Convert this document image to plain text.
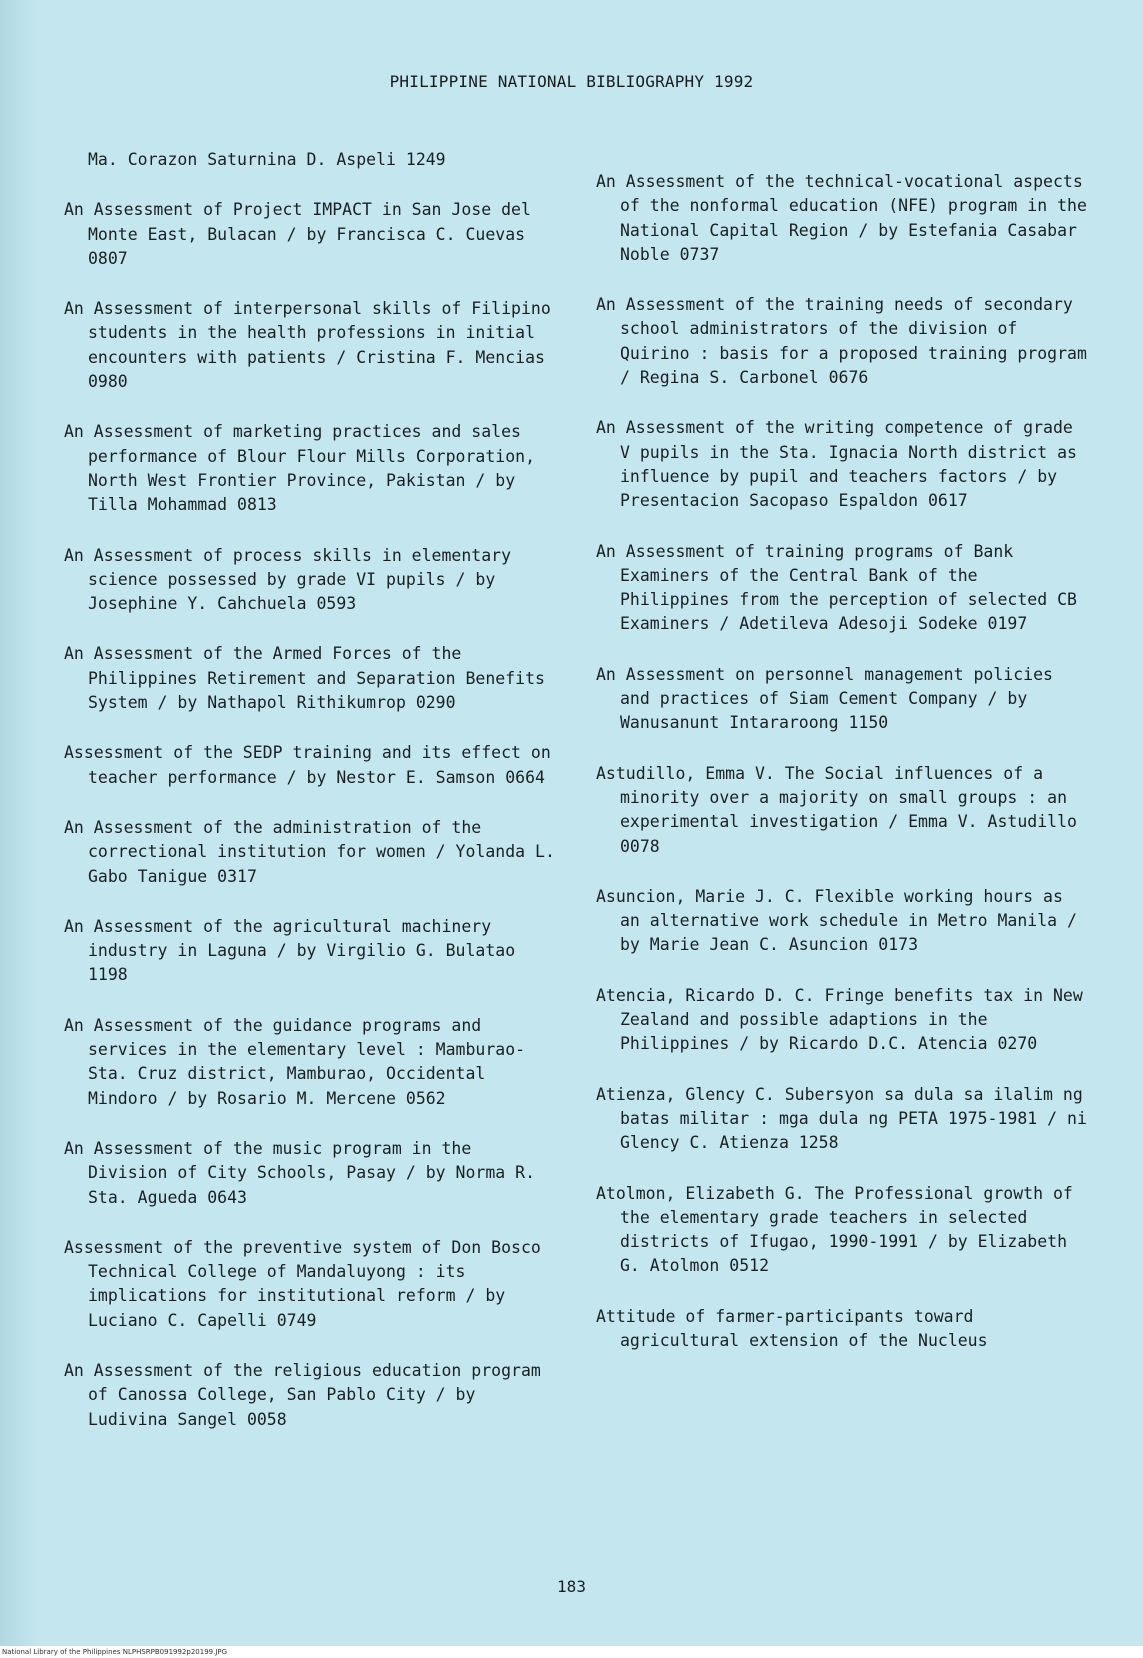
PHILIPPINE NATIONAL BIBLIOGRAPHY 1992

Ma. Corazon Saturnina D. Aspeli 1249

An Assessment of Project IMPACT in San Jose del Monte East, Bulacan / by Francisca C. Cuevas 0807

An Assessment of interpersonal skills of Filipino students in the health professions in initial encounters with patients / Cristina F. Mencias 0980

An Assessment of marketing practices and sales performance of Blour Flour Mills Corporation, North West Frontier Province, Pakistan / by Tilla Mohammad 0813

An Assessment of process skills in elementary science possessed by grade VI pupils / by Josephine Y. Cahchuela 0593

An Assessment of the Armed Forces of the Philippines Retirement and Separation Benefits System / by Nathapol Rithikumrop 0290

Assessment of the SEDP training and its effect on teacher performance / by Nestor E. Samson 0664

An Assessment of the administration of the correctional institution for women / Yolanda L. Gabo Tanigue 0317

An Assessment of the agricultural machinery industry in Laguna / by Virgilio G. Bulatao 1198

An Assessment of the guidance programs and services in the elementary level : Mamburao-Sta. Cruz district, Mamburao, Occidental Mindoro / by Rosario M. Mercene 0562

An Assessment of the music program in the Division of City Schools, Pasay / by Norma R. Sta. Agueda 0643

Assessment of the preventive system of Don Bosco Technical College of Mandaluyong : its implications for institutional reform / by Luciano C. Capelli 0749

An Assessment of the religious education program of Canossa College, San Pablo City / by Ludivina Sangel 0058

An Assessment of the technical-vocational aspects of the nonformal education (NFE) program in the National Capital Region / by Estefania Casabar Noble 0737

An Assessment of the training needs of secondary school administrators of the division of Quirino : basis for a proposed training program / Regina S. Carbonel 0676

An Assessment of the writing competence of grade V pupils in the Sta. Ignacia North district as influence by pupil and teachers factors / by Presentacion Sacopaso Espaldon 0617

An Assessment of training programs of Bank Examiners of the Central Bank of the Philippines from the perception of selected CB Examiners / Adetileva Adesoji Sodeke 0197

An Assessment on personnel management policies and practices of Siam Cement Company / by Wanusanunt Intararoong 1150

Astudillo, Emma V. The Social influences of a minority over a majority on small groups : an experimental investigation / Emma V. Astudillo 0078

Asuncion, Marie J. C. Flexible working hours as an alternative work schedule in Metro Manila / by Marie Jean C. Asuncion 0173

Atencia, Ricardo D. C. Fringe benefits tax in New Zealand and possible adaptions in the Philippines / by Ricardo D.C. Atencia 0270

Atienza, Glency C. Subersyon sa dula sa ilalim ng batas militar : mga dula ng PETA 1975-1981 / ni Glency C. Atienza 1258

Atolmon, Elizabeth G. The Professional growth of the elementary grade teachers in selected districts of Ifugao, 1990-1991 / by Elizabeth G. Atolmon 0512

Attitude of farmer-participants toward agricultural extension of the Nucleus

183
National Library of the Philippines NLPHSRPB091992p20199.JPG
